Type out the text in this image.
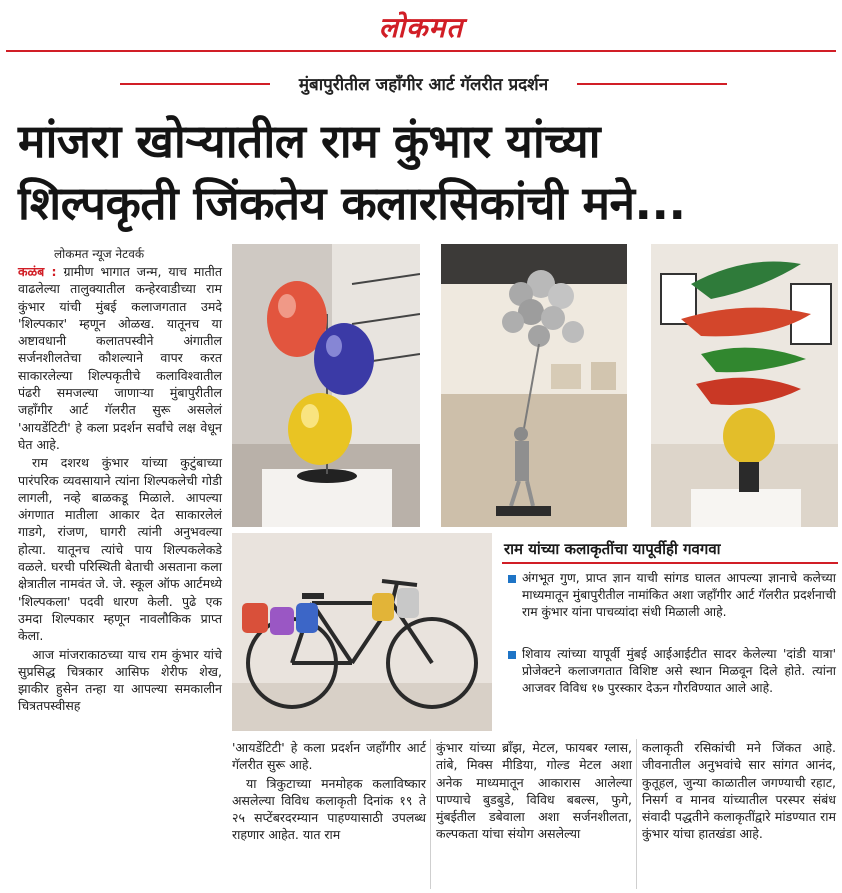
लोकमत
मुंबापुरीतील जहाँगीर आर्ट गॅलरीत प्रदर्शन
मांजरा खोऱ्यातील राम कुंभार यांच्या
शिल्पकृती जिंकतेय कलारसिकांची मने...
लोकमत न्यूज नेटवर्क

कळंब : ग्रामीण भागात जन्म, याच मातीत वाढलेल्या तालुक्यातील कन्हेरवाडीच्या राम कुंभार यांची मुंबई कलाजगतात उमदे 'शिल्पकार' म्हणून ओळख. यातूनच या अष्टावधानी कलातपस्वीने अंगातील सर्जनशीलतेचा कौशल्याने वापर करत साकारलेल्या शिल्पकृतीचे कलाविश्वातील पंढरी समजल्या जाणाऱ्या मुंबापुरीतील जहाँगीर आर्ट गॅलरीत सुरू असलेलं 'आयडेंटिटी' हे कला प्रदर्शन सर्वांचे लक्ष वेधून घेत आहे.

राम दशरथ कुंभार यांच्या कुटुंबाच्या पारंपरिक व्यवसायाने त्यांना शिल्पकलेची गोडी लागली, नव्हे बाळकडू मिळाले. आपल्या अंगणात मातीला आकार देत साकारलेलं गाडगे, रांजण, घागरी त्यांनी अनुभवल्या होत्या. यातूनच त्यांचे पाय शिल्पकलेकडे वळले. घरची परिस्थिती बेताची असताना कला क्षेत्रातील नामवंत जे. जे. स्कूल ऑफ आर्टमध्ये 'शिल्पकला' पदवी धारण केली. पुढे एक उमदा शिल्पकार म्हणून नावलौकिक प्राप्त केला.

आज मांजराकाठच्या याच राम कुंभार यांचे सुप्रसिद्ध चित्रकार आसिफ शेरीफ शेख, झाकीर हुसेन तन्हा या आपल्या समकालीन चित्रतपस्वीसह

राम यांच्या कलाकृतींचा यापूर्वीही गवगवा
अंगभूत गुण, प्राप्त ज्ञान याची सांगड घालत आपल्या ज्ञानाचे कलेच्या माध्यमातून मुंबापुरीतील नामांकित अशा जहाँगीर आर्ट गॅलरीत प्रदर्शनाची राम कुंभार यांना पाचव्यांदा संधी मिळाली आहे.
शिवाय त्यांच्या यापूर्वी मुंबई आईआईटीत सादर केलेल्या 'दांडी यात्रा' प्रोजेक्टने कलाजगतात विशिष्ट असे स्थान मिळवून दिले होते. त्यांना आजवर विविध १७ पुरस्कार देऊन गौरविण्यात आले आहे.

'आयडेंटिटी' हे कला प्रदर्शन जहाँगीर आर्ट गॅलरीत सुरू आहे.

या त्रिकुटाच्या मनमोहक कलाविष्कार असलेल्या विविध कलाकृती दिनांक १९ ते २५ सप्टेंबरदरम्यान पाहण्यासाठी उपलब्ध राहणार आहेत. यात राम

कुंभार यांच्या ब्राँझ, मेटल, फायबर ग्लास, तांबे, मिक्स मीडिया, गोल्ड मेटल अशा अनेक माध्यमातून आकारास आलेल्या पाण्याचे बुडबुडे, विविध बबल्स, फुगे, मुंबईतील डबेवाला अशा सर्जनशीलता, कल्पकता यांचा संयोग असलेल्या

कलाकृती रसिकांची मने जिंकत आहे. जीवनातील अनुभवांचे सार सांगत आनंद, कुतूहल, जुन्या काळातील जगण्याची रहाट, निसर्ग व मानव यांच्यातील परस्पर संबंध संवादी पद्धतीने कलाकृतींद्वारे मांडण्यात राम कुंभार यांचा हातखंडा आहे.
